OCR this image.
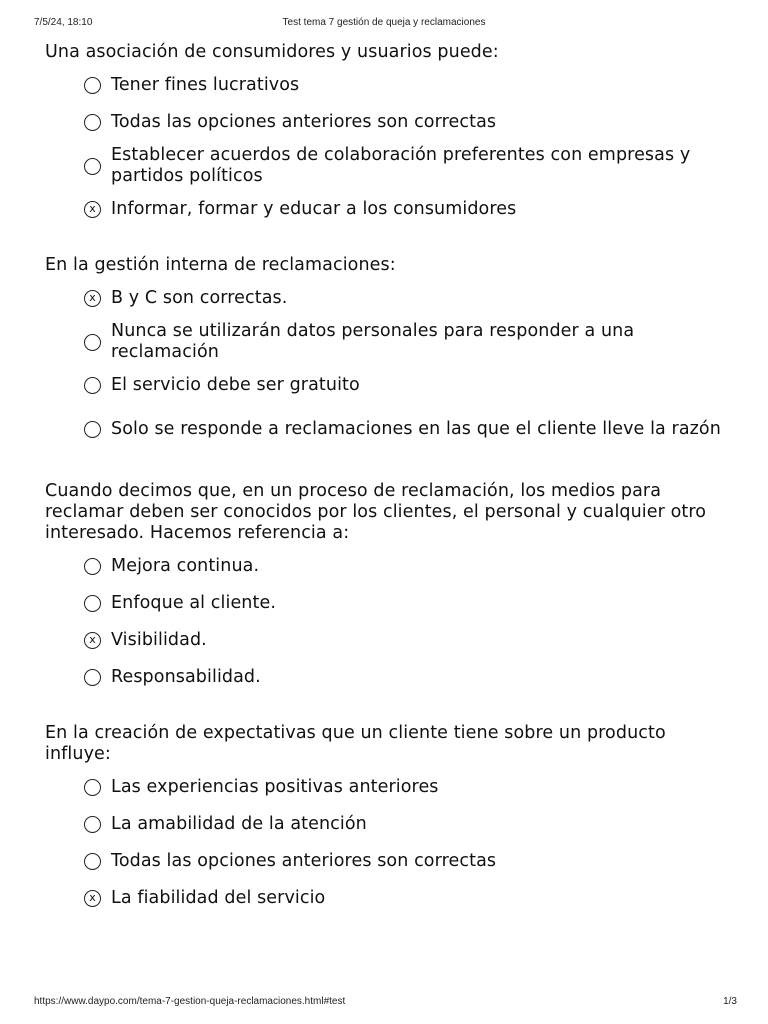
7/5/24, 18:10	Test tema 7 gestión de queja y reclamaciones

Una asociación de consumidores y usuarios puede:

Tener fines lucrativos
Todas las opciones anteriores son correctas
Establecer acuerdos de colaboración preferentes con empresas y partidos políticos
x Informar, formar y educar a los consumidores

En la gestión interna de reclamaciones:

x B y C son correctas.
Nunca se utilizarán datos personales para responder a una reclamación
El servicio debe ser gratuito
Solo se responde a reclamaciones en las que el cliente lleve la razón

Cuando decimos que, en un proceso de reclamación, los medios para reclamar deben ser conocidos por los clientes, el personal y cualquier otro interesado. Hacemos referencia a:

Mejora continua.
Enfoque al cliente.
x Visibilidad.
Responsabilidad.

En la creación de expectativas que un cliente tiene sobre un producto influye:

Las experiencias positivas anteriores
La amabilidad de la atención
Todas las opciones anteriores son correctas
x La fiabilidad del servicio
https://www.daypo.com/tema-7-gestion-queja-reclamaciones.html#test	1/3
